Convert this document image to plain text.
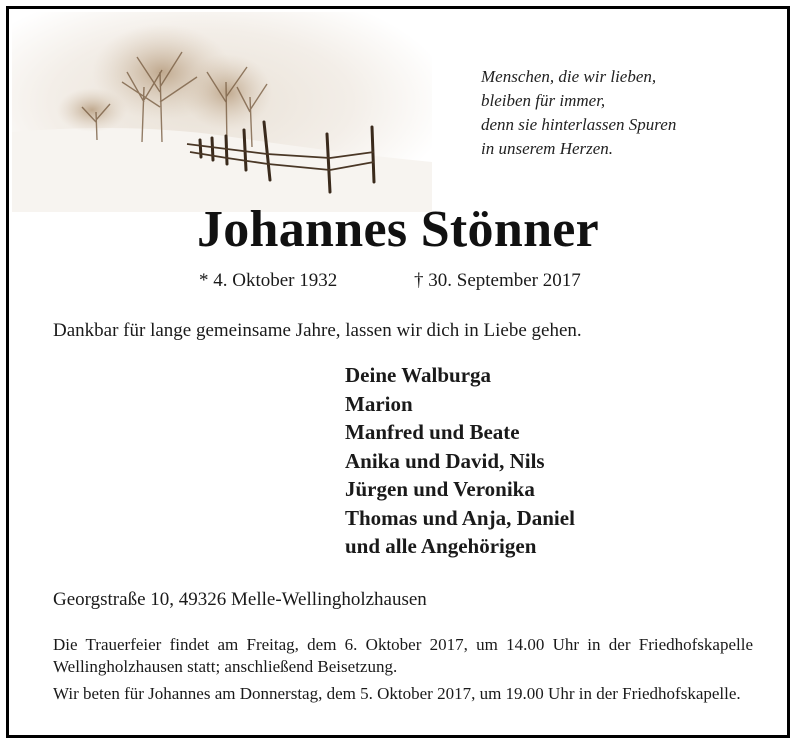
Menschen, die wir lieben,
bleiben für immer,
denn sie hinterlassen Spuren
in unserem Herzen.
Johannes Stönner
* 4. Oktober 1932	† 30. September 2017
Dankbar für lange gemeinsame Jahre, lassen wir dich in Liebe gehen.
Deine Walburga
Marion
Manfred und Beate
Anika und David, Nils
Jürgen und Veronika
Thomas und Anja, Daniel
und alle Angehörigen
Georgstraße 10, 49326 Melle-Wellingholzhausen
Die Trauerfeier findet am Freitag, dem 6. Oktober 2017, um 14.00 Uhr in der Friedhofskapelle Wellingholzhausen statt; anschließend Beisetzung.
Wir beten für Johannes am Donnerstag, dem 5. Oktober 2017, um 19.00 Uhr in der Friedhofskapelle.
